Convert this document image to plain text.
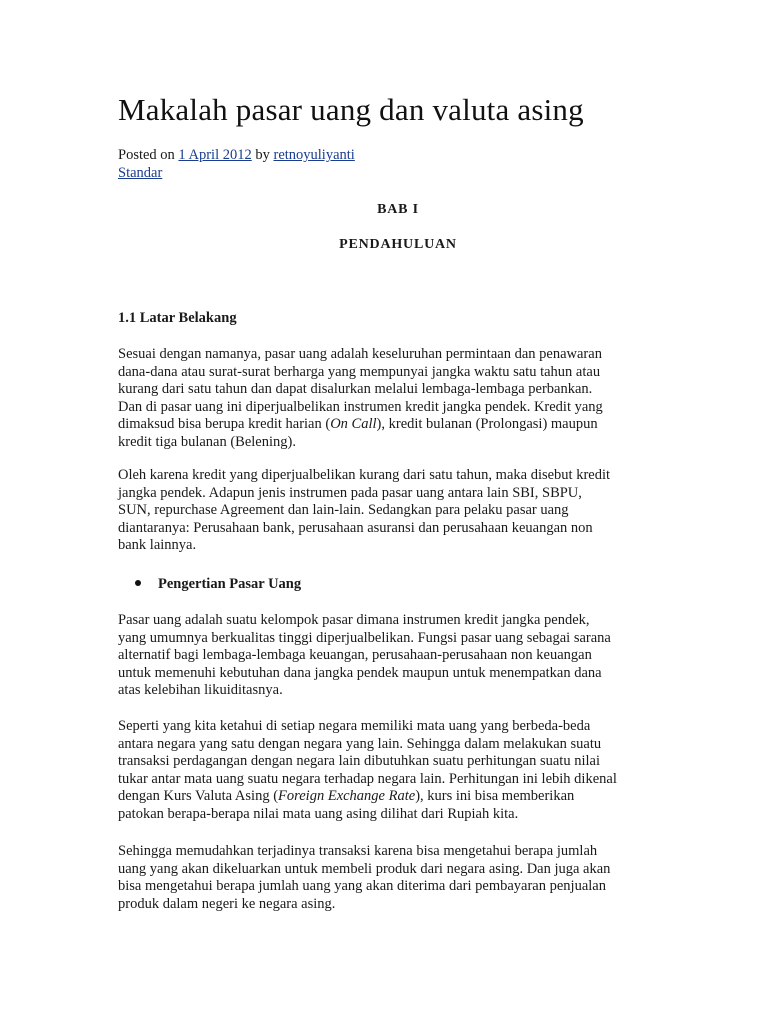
Makalah pasar uang dan valuta asing
Posted on 1 April 2012 by retnoyuliyanti
Standar
BAB I
PENDAHULUAN
1.1 Latar Belakang
Sesuai dengan namanya, pasar uang adalah keseluruhan permintaan dan penawaran
dana-dana atau surat-surat berharga yang mempunyai jangka waktu satu tahun atau
kurang dari satu tahun dan dapat disalurkan melalui lembaga-lembaga perbankan.
Dan di pasar uang ini diperjualbelikan instrumen kredit jangka pendek. Kredit yang
dimaksud bisa berupa kredit harian (On Call), kredit bulanan (Prolongasi) maupun
kredit tiga bulanan (Belening).
Oleh karena kredit yang diperjualbelikan kurang dari satu tahun, maka disebut kredit
jangka pendek. Adapun jenis instrumen pada pasar uang antara lain SBI, SBPU,
SUN, repurchase Agreement dan lain-lain. Sedangkan para pelaku pasar uang
diantaranya: Perusahaan bank, perusahaan asuransi dan perusahaan keuangan non
bank lainnya.
Pengertian Pasar Uang
Pasar uang adalah suatu kelompok pasar dimana instrumen kredit jangka pendek,
yang umumnya berkualitas tinggi diperjualbelikan. Fungsi pasar uang sebagai sarana
alternatif bagi lembaga-lembaga keuangan, perusahaan-perusahaan non keuangan
untuk memenuhi kebutuhan dana jangka pendek maupun untuk menempatkan dana
atas kelebihan likuiditasnya.
Seperti yang kita ketahui di setiap negara memiliki mata uang yang berbeda-beda
antara negara yang satu dengan negara yang lain. Sehingga dalam melakukan suatu
transaksi perdagangan dengan negara lain dibutuhkan suatu perhitungan suatu nilai
tukar antar mata uang suatu negara terhadap negara lain. Perhitungan ini lebih dikenal
dengan Kurs Valuta Asing (Foreign Exchange Rate), kurs ini bisa memberikan
patokan berapa-berapa nilai mata uang asing dilihat dari Rupiah kita.
Sehingga memudahkan terjadinya transaksi karena bisa mengetahui berapa jumlah
uang yang akan dikeluarkan untuk membeli produk dari negara asing. Dan juga akan
bisa mengetahui berapa jumlah uang yang akan diterima dari pembayaran penjualan
produk dalam negeri ke negara asing.
